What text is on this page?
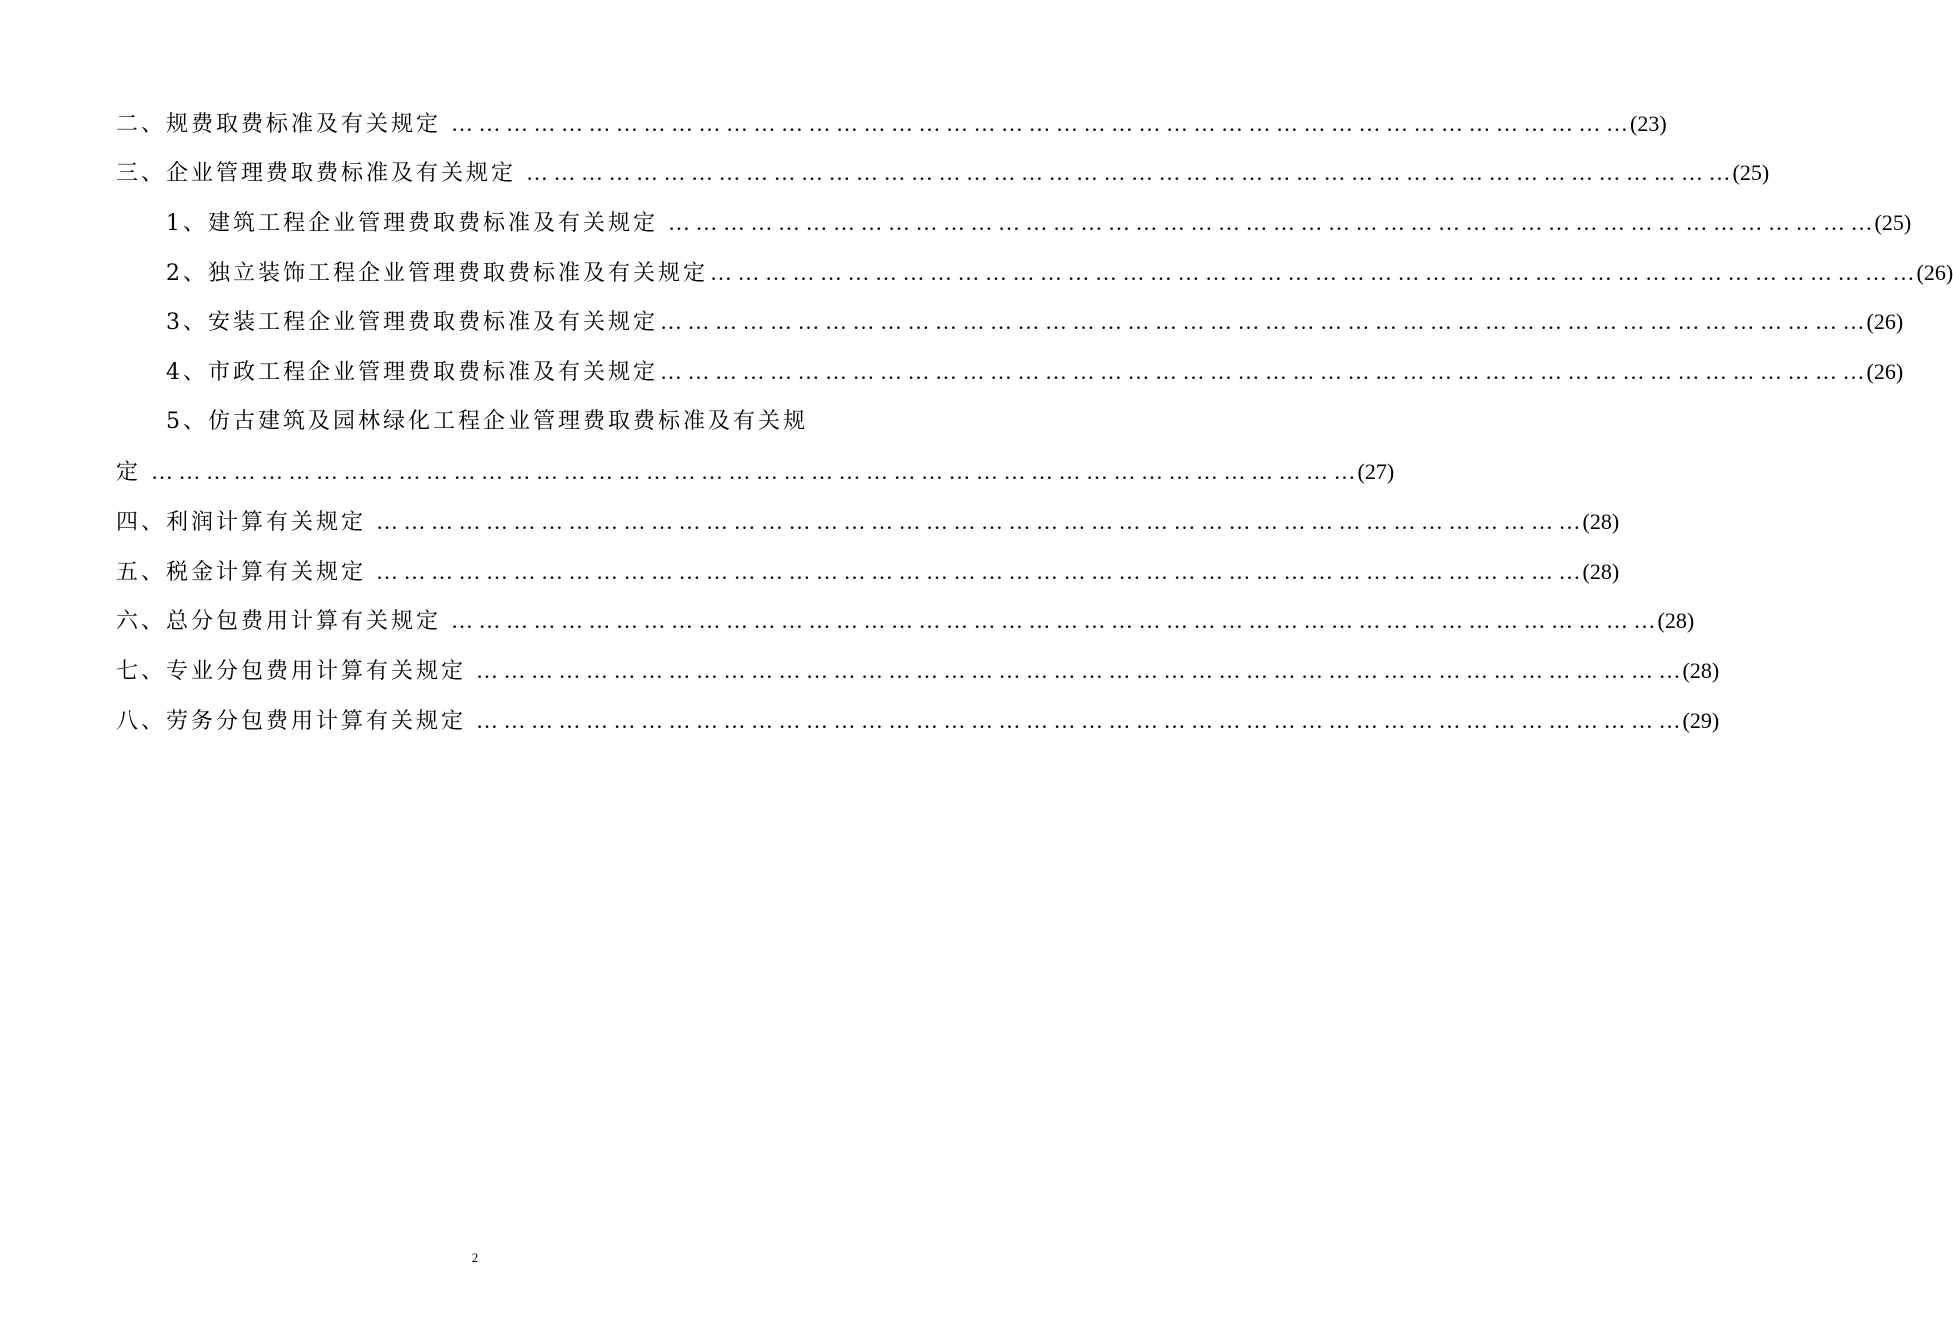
二、规费取费标准及有关规定 … … … … … … … … … … … … … … … … … … … … … … … … … … … … … … … … … … … … … … … … … … … (23)
三、企业管理费取费标准及有关规定 … … … … … … … … … … … … … … … … … … … … … … … … … … … … … … … … … … … … … … … … … … … … (25)
1、建筑工程企业管理费取费标准及有关规定 … … … … … … … … … … … … … … … … … … … … … … … … … … … … … … … … … … … … … … … … … … … … (25)
2、独立装饰工程企业管理费取费标准及有关规定 … … … … … … … … … … … … … … … … … … … … … … … … … … … … … … … … … … … … … … … … … … … … (26)
3、安装工程企业管理费取费标准及有关规定 … … … … … … … … … … … … … … … … … … … … … … … … … … … … … … … … … … … … … … … … … … … … (26)
4、市政工程企业管理费取费标准及有关规定 … … … … … … … … … … … … … … … … … … … … … … … … … … … … … … … … … … … … … … … … … … … … (26)
5、仿古建筑及园林绿化工程企业管理费取费标准及有关规
定 … … … … … … … … … … … … … … … … … … … … … … … … … … … … … … … … … … … … … … … … … … … … (27)
四、利润计算有关规定 … … … … … … … … … … … … … … … … … … … … … … … … … … … … … … … … … … … … … … … … … … … … (28)
五、税金计算有关规定 … … … … … … … … … … … … … … … … … … … … … … … … … … … … … … … … … … … … … … … … … … … … (28)
六、总分包费用计算有关规定 … … … … … … … … … … … … … … … … … … … … … … … … … … … … … … … … … … … … … … … … … … … … (28)
七、专业分包费用计算有关规定 … … … … … … … … … … … … … … … … … … … … … … … … … … … … … … … … … … … … … … … … … … … … (28)
八、劳务分包费用计算有关规定 … … … … … … … … … … … … … … … … … … … … … … … … … … … … … … … … … … … … … … … … … … … … (29)
2
